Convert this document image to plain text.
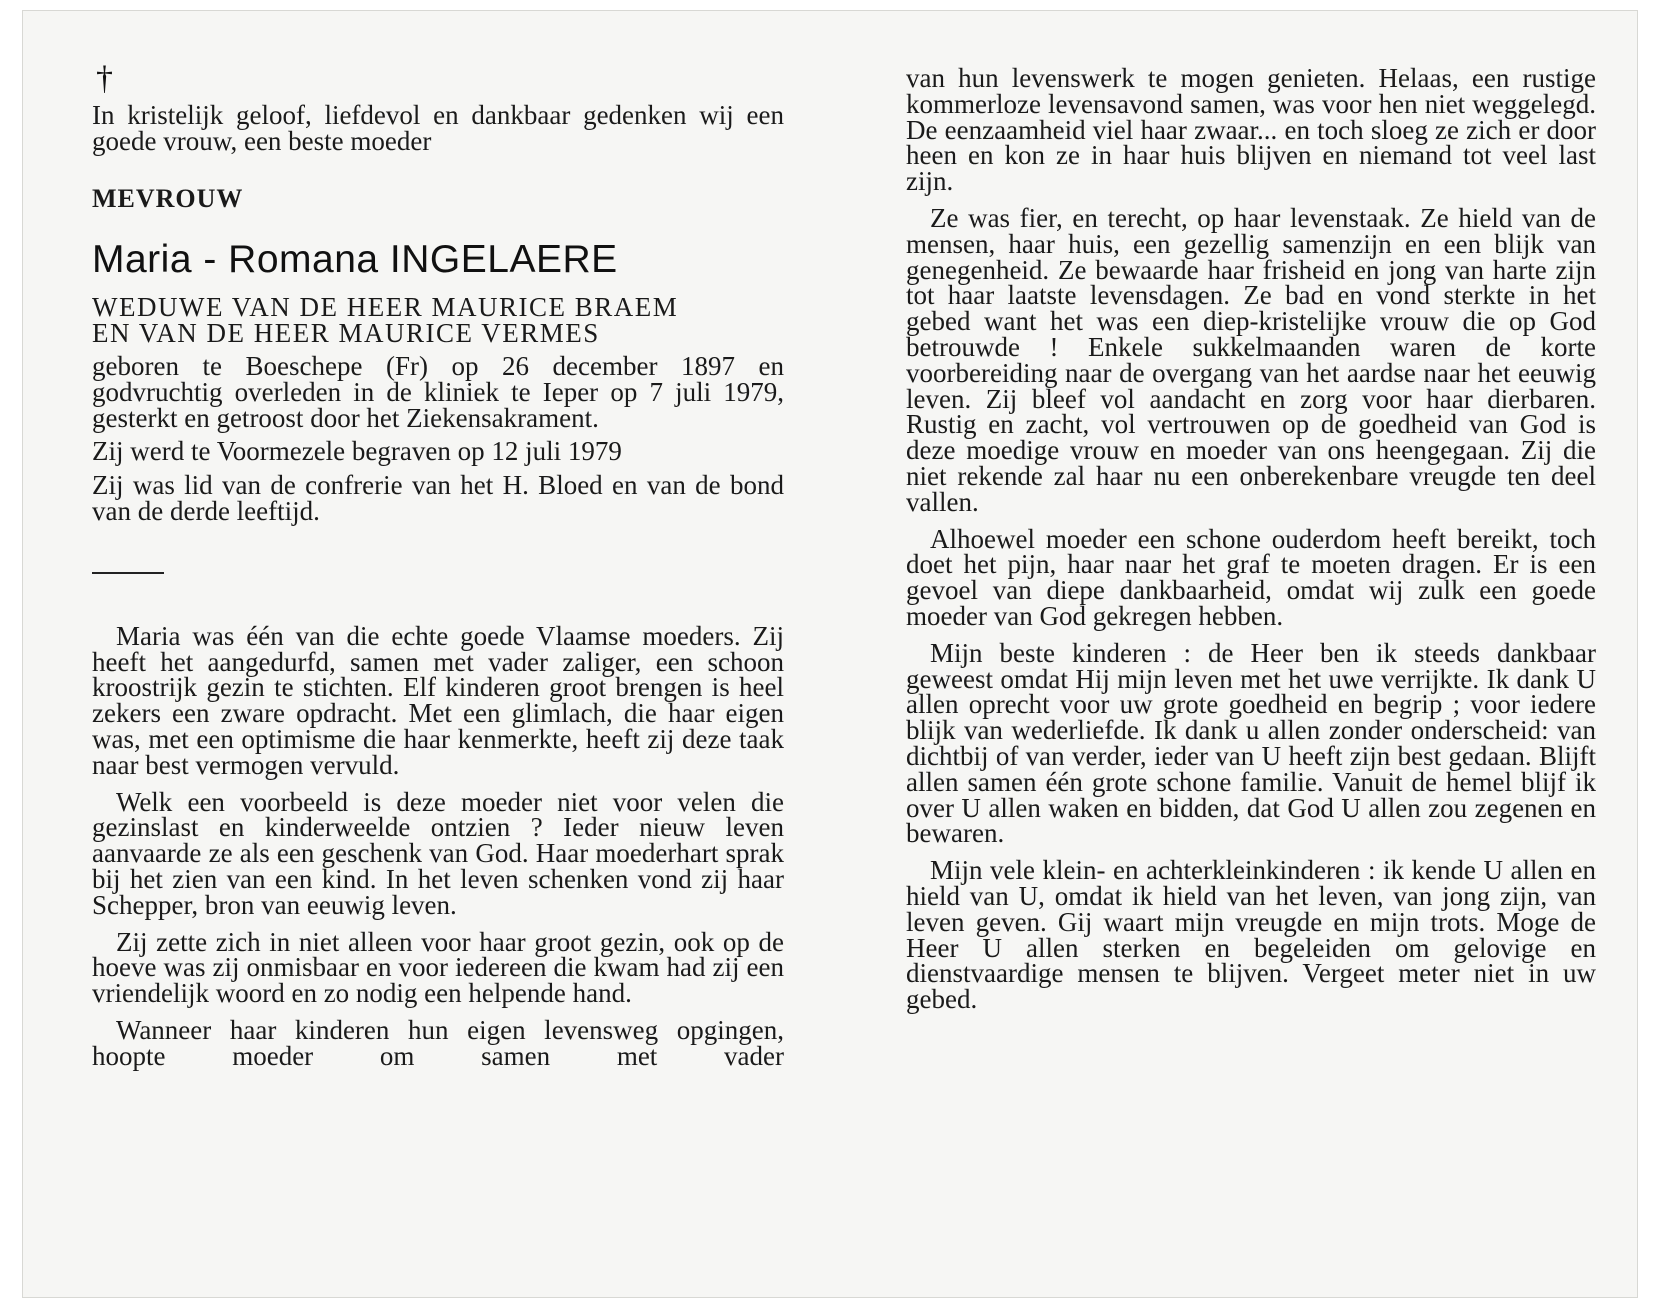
†

In kristelijk geloof, liefdevol en dankbaar gedenken wij een goede vrouw, een beste moeder

MEVROUW
Maria - Romana INGELAERE
WEDUWE VAN DE HEER MAURICE BRAEM
EN VAN DE HEER MAURICE VERMES

geboren te Boeschepe (Fr) op 26 december 1897 en godvruchtig overleden in de kliniek te Ieper op 7 juli 1979, gesterkt en getroost door het Ziekensakrament.

Zij werd te Voormezele begraven op 12 juli 1979

Zij was lid van de confrerie van het H. Bloed en van de bond van de derde leeftijd.

Maria was één van die echte goede Vlaamse moeders. Zij heeft het aangedurfd, samen met vader zaliger, een schoon kroostrijk gezin te stichten. Elf kinderen groot brengen is heel zekers een zware opdracht. Met een glimlach, die haar eigen was, met een optimisme die haar kenmerkte, heeft zij deze taak naar best vermogen vervuld.

Welk een voorbeeld is deze moeder niet voor velen die gezinslast en kinderweelde ontzien ? Ieder nieuw leven aanvaarde ze als een geschenk van God. Haar moederhart sprak bij het zien van een kind. In het leven schenken vond zij haar Schepper, bron van eeuwig leven.

Zij zette zich in niet alleen voor haar groot gezin, ook op de hoeve was zij onmisbaar en voor iedereen die kwam had zij een vriendelijk woord en zo nodig een helpende hand.

Wanneer haar kinderen hun eigen levensweg opgingen, hoopte moeder om samen met vader

van hun levenswerk te mogen genieten. Helaas, een rustige kommerloze levensavond samen, was voor hen niet weggelegd. De eenzaamheid viel haar zwaar... en toch sloeg ze zich er door heen en kon ze in haar huis blijven en niemand tot veel last zijn.

Ze was fier, en terecht, op haar levenstaak. Ze hield van de mensen, haar huis, een gezellig samenzijn en een blijk van genegenheid. Ze bewaarde haar frisheid en jong van harte zijn tot haar laatste levensdagen. Ze bad en vond sterkte in het gebed want het was een diep-kristelijke vrouw die op God betrouwde ! Enkele sukkelmaanden waren de korte voorbereiding naar de overgang van het aardse naar het eeuwig leven. Zij bleef vol aandacht en zorg voor haar dierbaren. Rustig en zacht, vol vertrouwen op de goedheid van God is deze moedige vrouw en moeder van ons heengegaan. Zij die niet rekende zal haar nu een onberekenbare vreugde ten deel vallen.

Alhoewel moeder een schone ouderdom heeft bereikt, toch doet het pijn, haar naar het graf te moeten dragen. Er is een gevoel van diepe dankbaarheid, omdat wij zulk een goede moeder van God gekregen hebben.

Mijn beste kinderen : de Heer ben ik steeds dankbaar geweest omdat Hij mijn leven met het uwe verrijkte. Ik dank U allen oprecht voor uw grote goedheid en begrip ; voor iedere blijk van wederliefde. Ik dank u allen zonder onderscheid: van dichtbij of van verder, ieder van U heeft zijn best gedaan. Blijft allen samen één grote schone familie. Vanuit de hemel blijf ik over U allen waken en bidden, dat God U allen zou zegenen en bewaren.

Mijn vele klein- en achterkleinkinderen : ik kende U allen en hield van U, omdat ik hield van het leven, van jong zijn, van leven geven. Gij waart mijn vreugde en mijn trots. Moge de Heer U allen sterken en begeleiden om gelovige en dienstvaardige mensen te blijven. Vergeet meter niet in uw gebed.
